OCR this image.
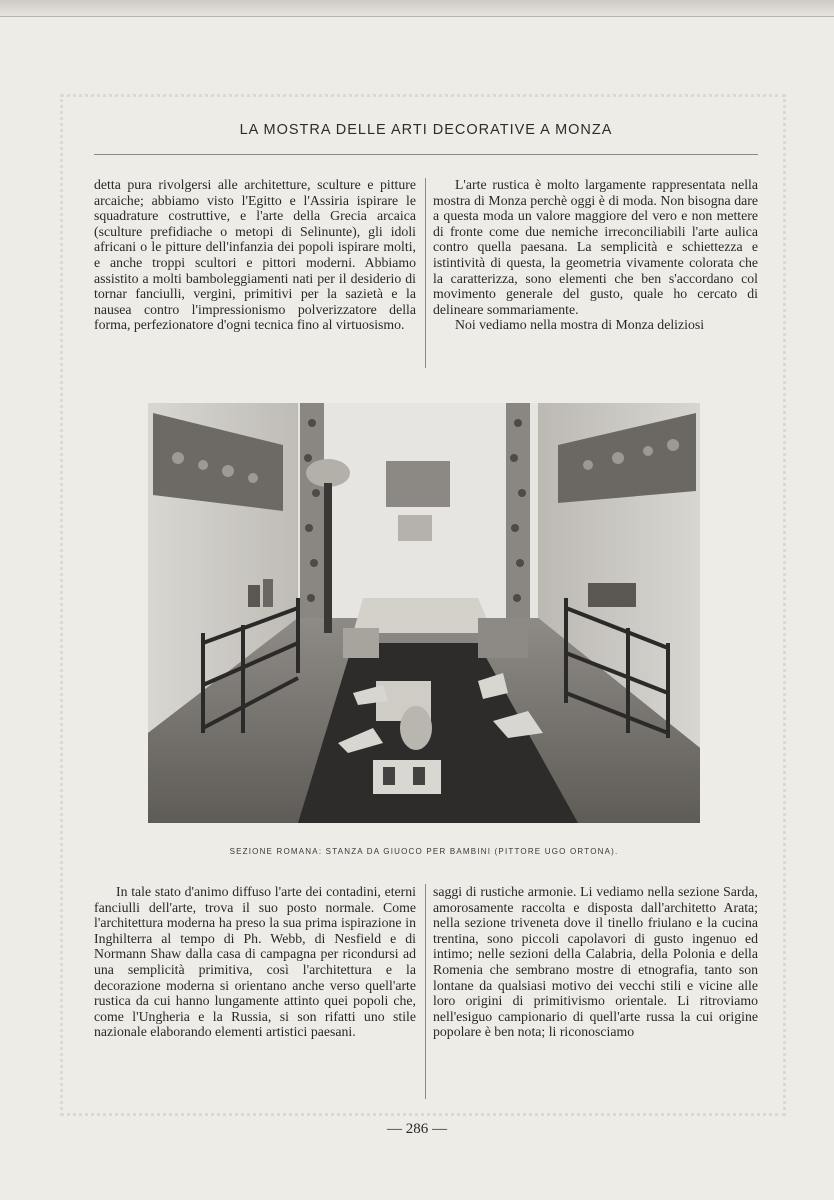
LA MOSTRA DELLE ARTI DECORATIVE A MONZA

detta pura rivolgersi alle architetture, sculture e pitture arcaiche; abbiamo visto l'Egitto e l'Assiria ispirare le squadrature costruttive, e l'arte della Grecia arcaica (sculture prefidiache o metopi di Selinunte), gli idoli africani o le pitture dell'infanzia dei popoli ispirare molti, e anche troppi scultori e pittori moderni. Abbiamo assistito a molti bamboleggiamenti nati per il desiderio di tornar fanciulli, vergini, primitivi per la sazietà e la nausea contro l'impressionismo polverizzatore della forma, perfezionatore d'ogni tecnica fino al virtuosismo.

L'arte rustica è molto largamente rappresentata nella mostra di Monza perchè oggi è di moda. Non bisogna dare a questa moda un valore maggiore del vero e non mettere di fronte come due nemiche irreconciliabili l'arte aulica contro quella paesana. La semplicità e schiettezza e istintività di questa, la geometria vivamente colorata che la caratterizza, sono elementi che ben s'accordano col movimento generale del gusto, quale ho cercato di delineare sommariamente.

Noi vediamo nella mostra di Monza deliziosi

SEZIONE ROMANA: STANZA DA GIUOCO PER BAMBINI (PITTORE UGO ORTONA).

In tale stato d'animo diffuso l'arte dei contadini, eterni fanciulli dell'arte, trova il suo posto normale. Come l'architettura moderna ha preso la sua prima ispirazione in Inghilterra al tempo di Ph. Webb, di Nesfield e di Normann Shaw dalla casa di campagna per ricondursi ad una semplicità primitiva, così l'architettura e la decorazione moderna si orientano anche verso quell'arte rustica da cui hanno lungamente attinto quei popoli che, come l'Ungheria e la Russia, si son rifatti uno stile nazionale elaborando elementi artistici paesani.

saggi di rustiche armonie. Li vediamo nella sezione Sarda, amorosamente raccolta e disposta dall'architetto Arata; nella sezione triveneta dove il tinello friulano e la cucina trentina, sono piccoli capolavori di gusto ingenuo ed intimo; nelle sezioni della Calabria, della Polonia e della Romenia che sembrano mostre di etnografia, tanto son lontane da qualsiasi motivo dei vecchi stili e vicine alle loro origini di primitivismo orientale. Li ritroviamo nell'esiguo campionario di quell'arte russa la cui origine popolare è ben nota; li riconosciamo

— 286 —
